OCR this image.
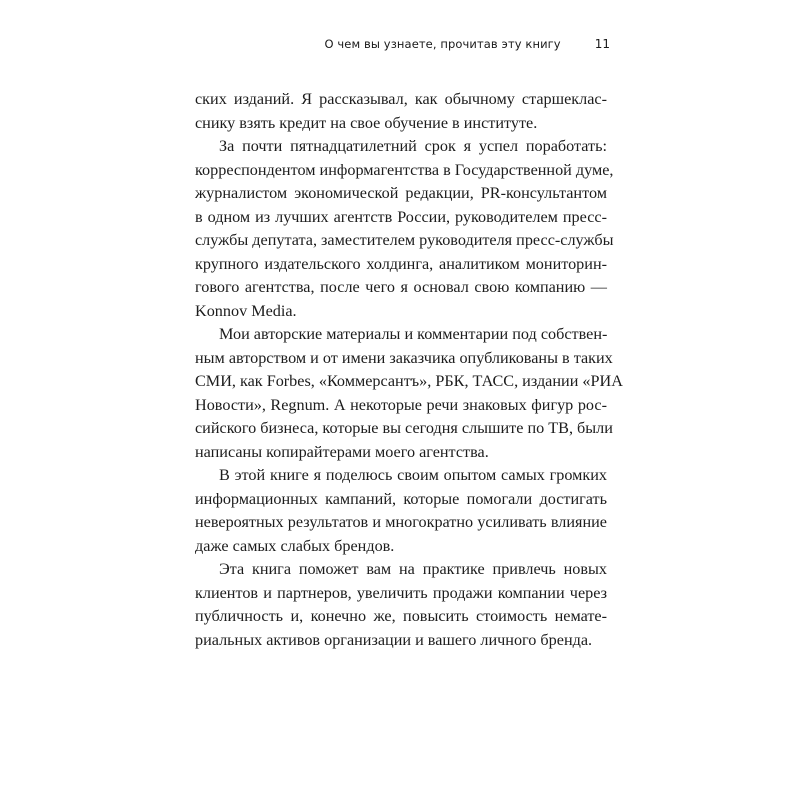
О чем вы узнаете, прочитав эту книгу	11

ских изданий. Я рассказывал, как обычному старшеклас-
снику взять кредит на свое обучение в институте.

За почти пятнадцатилетний срок я успел поработать:
корреспондентом информагентства в Государственной думе,
журналистом экономической редакции, PR-консультантом
в одном из лучших агентств России, руководителем пресс-
службы депутата, заместителем руководителя пресс-службы
крупного издательского холдинга, аналитиком мониторин-
гового агентства, после чего я основал свою компанию —
Konnov Media.

Мои авторские материалы и комментарии под собствен-
ным авторством и от имени заказчика опубликованы в таких
СМИ, как Forbes, «Коммерсантъ», РБК, ТАСС, издании «РИА
Новости», Regnum. А некоторые речи знаковых фигур рос-
сийского бизнеса, которые вы сегодня слышите по ТВ, были
написаны копирайтерами моего агентства.

В этой книге я поделюсь своим опытом самых громких
информационных кампаний, которые помогали достигать
невероятных результатов и многократно усиливать влияние
даже самых слабых брендов.

Эта книга поможет вам на практике привлечь новых
клиентов и партнеров, увеличить продажи компании через
публичность и, конечно же, повысить стоимость немате-
риальных активов организации и вашего личного бренда.
